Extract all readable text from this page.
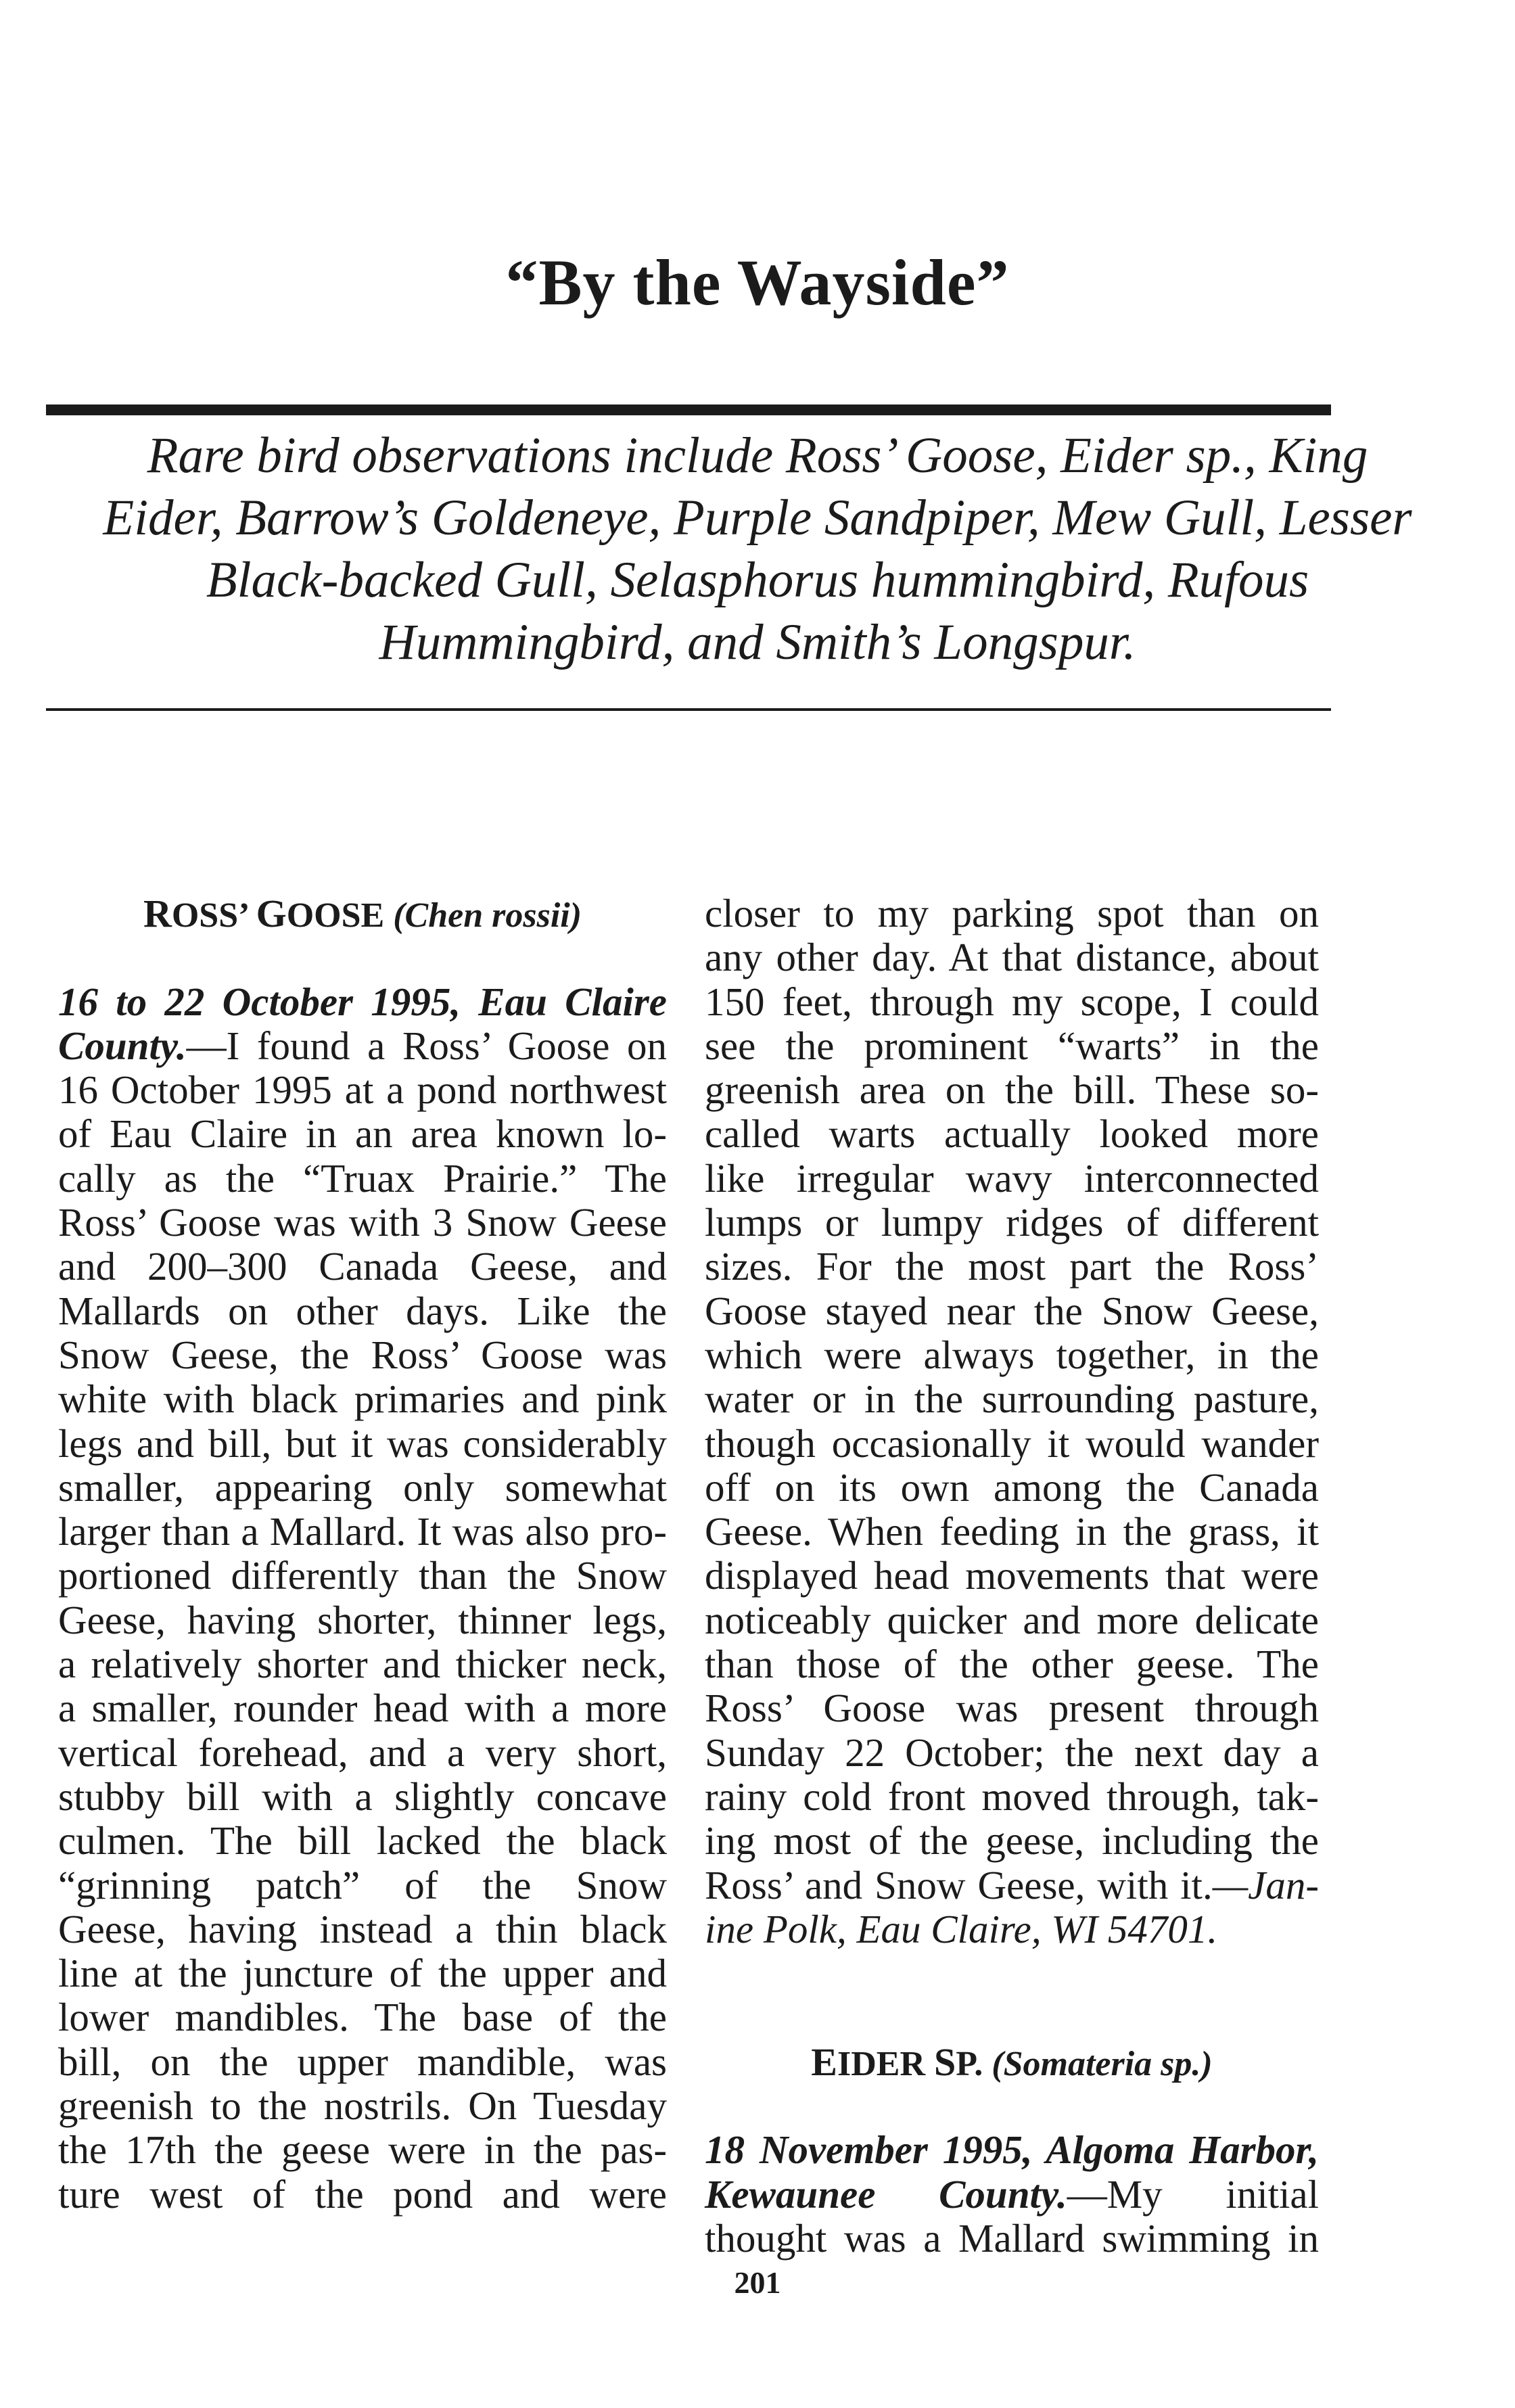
“By the Wayside”

Rare bird observations include Ross’ Goose, Eider sp., King
Eider, Barrow’s Goldeneye, Purple Sandpiper, Mew Gull, Lesser
Black-backed Gull, Selasphorus hummingbird, Rufous
Hummingbird, and Smith’s Longspur.

ROSS’ GOOSE (Chen rossii)
16 to 22 October 1995, Eau Claire
County.—I found a Ross’ Goose on
16 October 1995 at a pond northwest
of Eau Claire in an area known lo-
cally as the “Truax Prairie.” The
Ross’ Goose was with 3 Snow Geese
and 200–300 Canada Geese, and
Mallards on other days. Like the
Snow Geese, the Ross’ Goose was
white with black primaries and pink
legs and bill, but it was considerably
smaller, appearing only somewhat
larger than a Mallard. It was also pro-
portioned differently than the Snow
Geese, having shorter, thinner legs,
a relatively shorter and thicker neck,
a smaller, rounder head with a more
vertical forehead, and a very short,
stubby bill with a slightly concave
culmen. The bill lacked the black
“grinning patch” of the Snow
Geese, having instead a thin black
line at the juncture of the upper and
lower mandibles. The base of the
bill, on the upper mandible, was
greenish to the nostrils. On Tuesday
the 17th the geese were in the pas-
ture west of the pond and were
closer to my parking spot than on
any other day. At that distance, about
150 feet, through my scope, I could
see the prominent “warts” in the
greenish area on the bill. These so-
called warts actually looked more
like irregular wavy interconnected
lumps or lumpy ridges of different
sizes. For the most part the Ross’
Goose stayed near the Snow Geese,
which were always together, in the
water or in the surrounding pasture,
though occasionally it would wander
off on its own among the Canada
Geese. When feeding in the grass, it
displayed head movements that were
noticeably quicker and more delicate
than those of the other geese. The
Ross’ Goose was present through
Sunday 22 October; the next day a
rainy cold front moved through, tak-
ing most of the geese, including the
Ross’ and Snow Geese, with it.—Jan-
ine Polk, Eau Claire, WI 54701.
EIDER SP. (Somateria sp.)
18 November 1995, Algoma Harbor,
Kewaunee County.—My initial
thought was a Mallard swimming in
201
